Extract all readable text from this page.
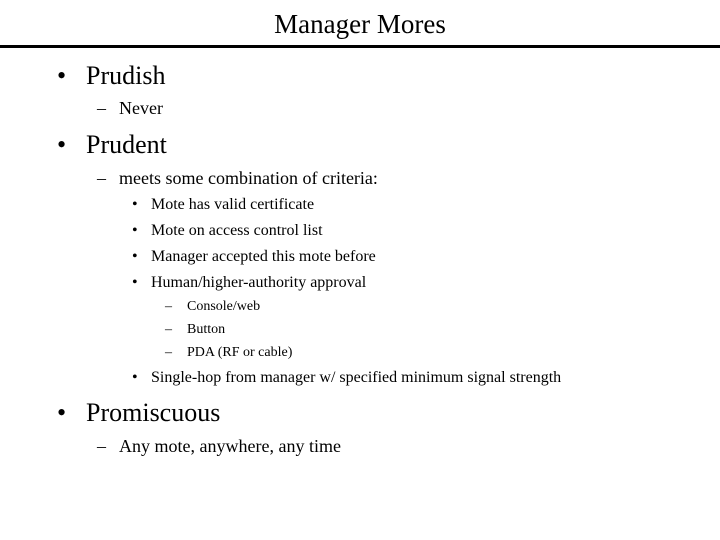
Manager Mores
• Prudish
– Never
• Prudent
– meets some combination of criteria:
• Mote has valid certificate
• Mote on access control list
• Manager accepted this mote before
• Human/higher-authority approval
– Console/web
– Button
– PDA (RF or cable)
• Single-hop from manager w/ specified minimum signal strength
• Promiscuous
– Any mote, anywhere, any time
